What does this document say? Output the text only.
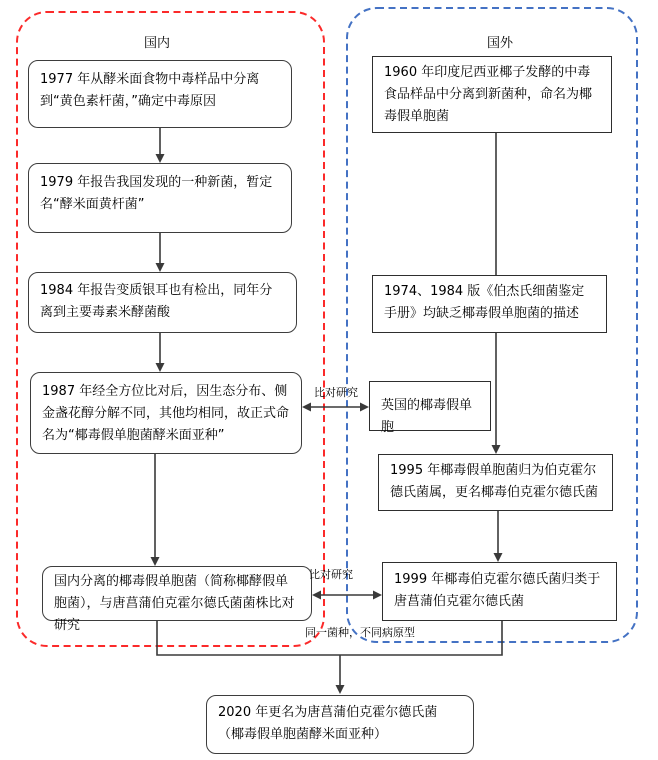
国内	国外
1977 年从酵米面食物中毒样品中分离到“黄色素杆菌，”确定中毒原因
1979 年报告我国发现的一种新菌，暂定名“酵米面黄杆菌”
1984 年报告变质银耳也有检出，同年分离到主要毒素米酵菌酸
1987 年经全方位比对后，因生态分布、侧金盏花醇分解不同，其他均相同，故正式命名为“椰毒假单胞菌酵米面亚种”
国内分离的椰毒假单胞菌（简称椰酵假单胞菌），与唐菖蒲伯克霍尔德氏菌菌株比对研究
1960 年印度尼西亚椰子发酵的中毒食品样品中分离到新菌种，命名为椰毒假单胞菌
1974、1984 版《伯杰氏细菌鉴定手册》均缺乏椰毒假单胞菌的描述
英国的椰毒假单胞
1995 年椰毒假单胞菌归为伯克霍尔德氏菌属，更名椰毒伯克霍尔德氏菌
1999 年椰毒伯克霍尔德氏菌归类于唐菖蒲伯克霍尔德氏菌
比对研究
比对研究
同一菌种，不同病原型
2020 年更名为唐菖蒲伯克霍尔德氏菌（椰毒假单胞菌酵米面亚种）
